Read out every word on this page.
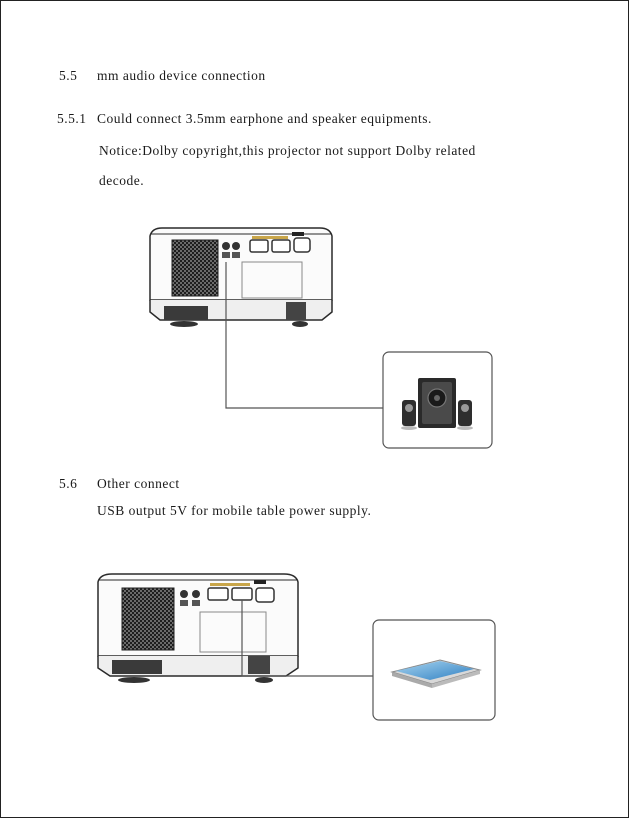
5.5 mm audio device connection
5.5.1 Could connect 3.5mm earphone and speaker equipments.
Notice:Dolby copyright,this projector not support Dolby related
decode.
5.6 Other connect
USB output 5V for mobile table power supply.
